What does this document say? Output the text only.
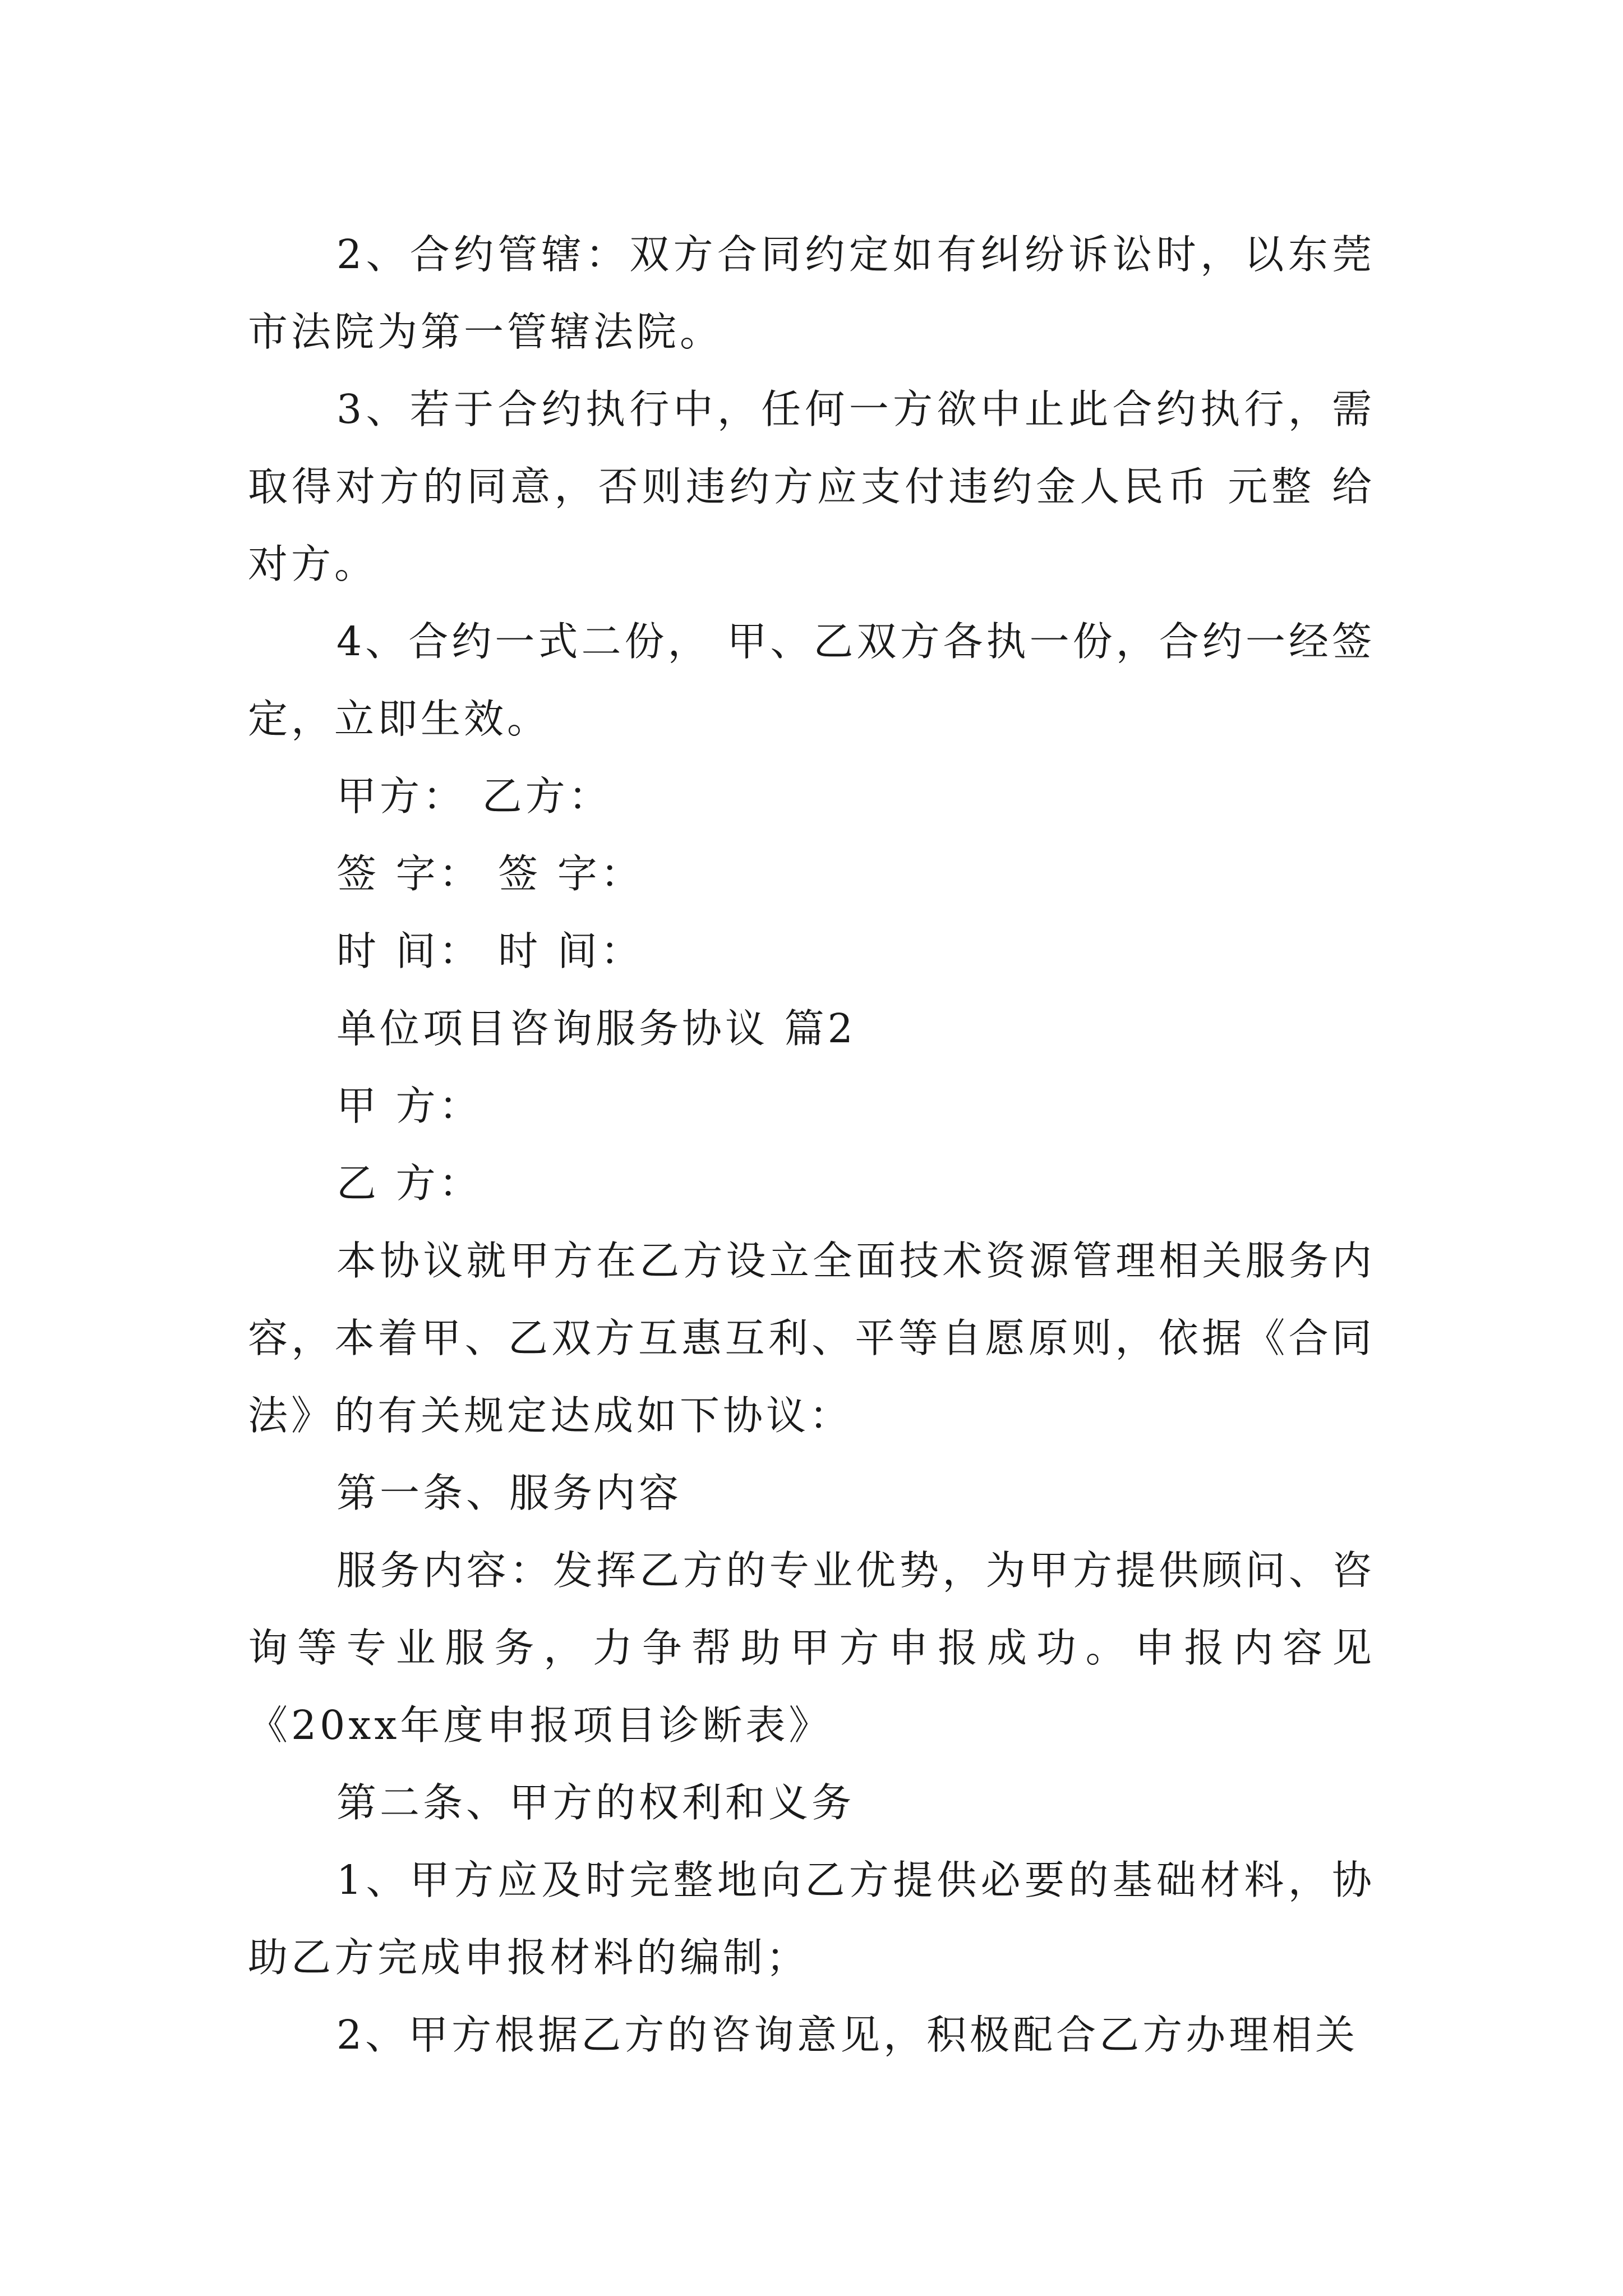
2、合约管辖：双方合同约定如有纠纷诉讼时，以东莞市法院为第一管辖法院。

3、若于合约执行中，任何一方欲中止此合约执行，需取得对方的同意，否则违约方应支付违约金人民币 元整 给对方。

4、合约一式二份， 甲、乙双方各执一份，合约一经签定，立即生效。

甲方： 乙方：

签 字： 签 字：

时 间： 时 间：

单位项目咨询服务协议 篇2

甲 方：

乙 方：

本协议就甲方在乙方设立全面技术资源管理相关服务内容，本着甲、乙双方互惠互利、平等自愿原则，依据《合同法》的有关规定达成如下协议：

第一条、服务内容

服务内容：发挥乙方的专业优势，为甲方提供顾问、咨询等专业服务，力争帮助甲方申报成功。申报内容见《20xx年度申报项目诊断表》

第二条、甲方的权利和义务

1、甲方应及时完整地向乙方提供必要的基础材料，协助乙方完成申报材料的编制；

2、甲方根据乙方的咨询意见，积极配合乙方办理相关
